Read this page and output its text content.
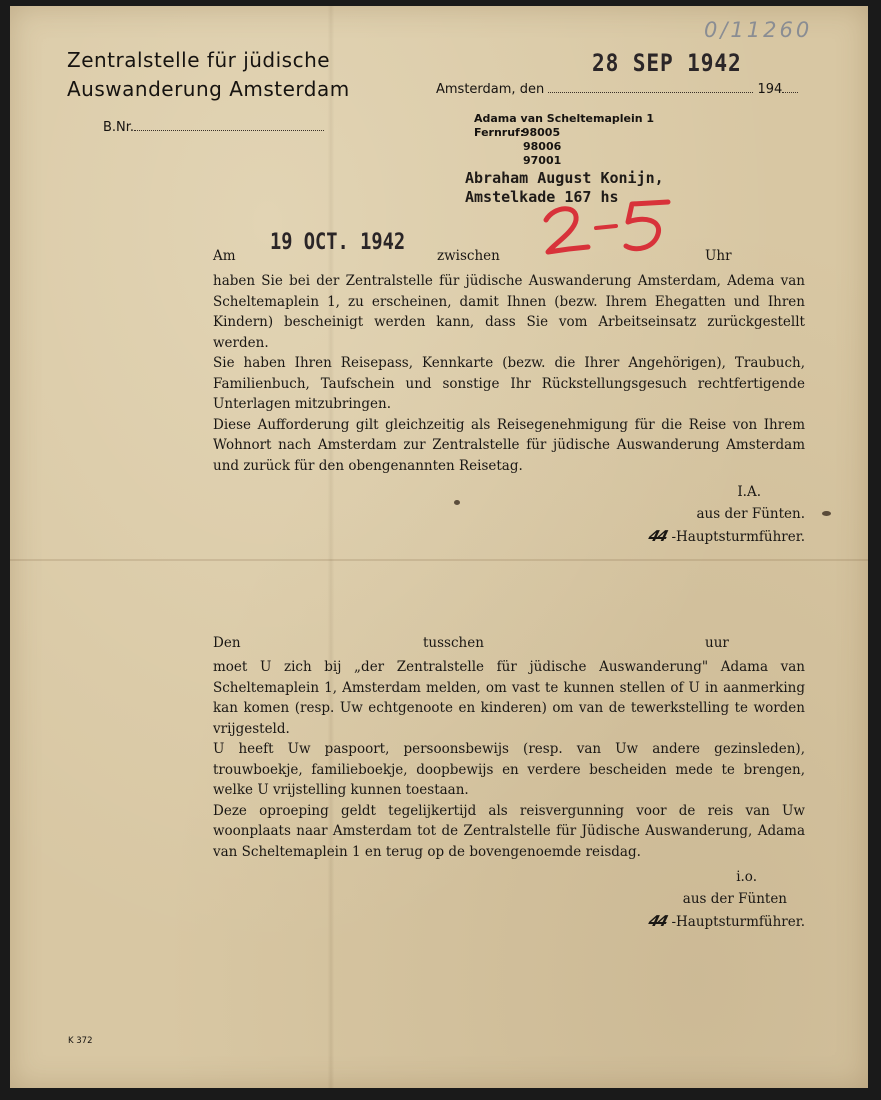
0/11260
Zentralstelle für jüdische
Auswanderung Amsterdam
B.Nr.
Amsterdam, den	194
28 SEP 1942
Adama van Scheltemaplein 1
Fernruf: 98005
98006
97001
Abraham August Konijn,
Amstelkade 167 hs
Am	zwischen	Uhr
19 OCT. 1942

haben Sie bei der Zentralstelle für jüdische Auswanderung Amsterdam, Adema van Scheltemaplein 1, zu erscheinen, damit Ihnen (bezw. Ihrem Ehegatten und Ihren Kindern) bescheinigt werden kann, dass Sie vom Arbeitseinsatz zurückgestellt werden.

Sie haben Ihren Reisepass, Kennkarte (bezw. die Ihrer Angehörigen), Traubuch, Familienbuch, Taufschein und sonstige Ihr Rückstellungsgesuch rechtfertigende Unterlagen mitzubringen.

Diese Aufforderung gilt gleichzeitig als Reisegenehmigung für die Reise von Ihrem Wohnort nach Amsterdam zur Zentralstelle für jüdische Auswanderung Amsterdam und zurück für den obengenannten Reisetag.

I.A.
aus der Fünten.
44 -Hauptsturmführer.
Den	tusschen	uur

moet U zich bij „der Zentralstelle für jüdische Auswanderung" Adama van Scheltemaplein 1, Amsterdam melden, om vast te kunnen stellen of U in aanmerking kan komen (resp. Uw echtgenoote en kinderen) om van de tewerkstelling te worden vrijgesteld.

U heeft Uw paspoort, persoonsbewijs (resp. van Uw andere gezinsleden), trouwboekje, familieboekje, doopbewijs en verdere bescheiden mede te brengen, welke U vrijstelling kunnen toestaan.

Deze oproeping geldt tegelijkertijd als reisvergunning voor de reis van Uw woonplaats naar Amsterdam tot de Zentralstelle für Jüdische Auswanderung, Adama van Scheltemaplein 1 en terug op de bovengenoemde reisdag.

i.o.
aus der Fünten
44 -Hauptsturmführer.
K 372
